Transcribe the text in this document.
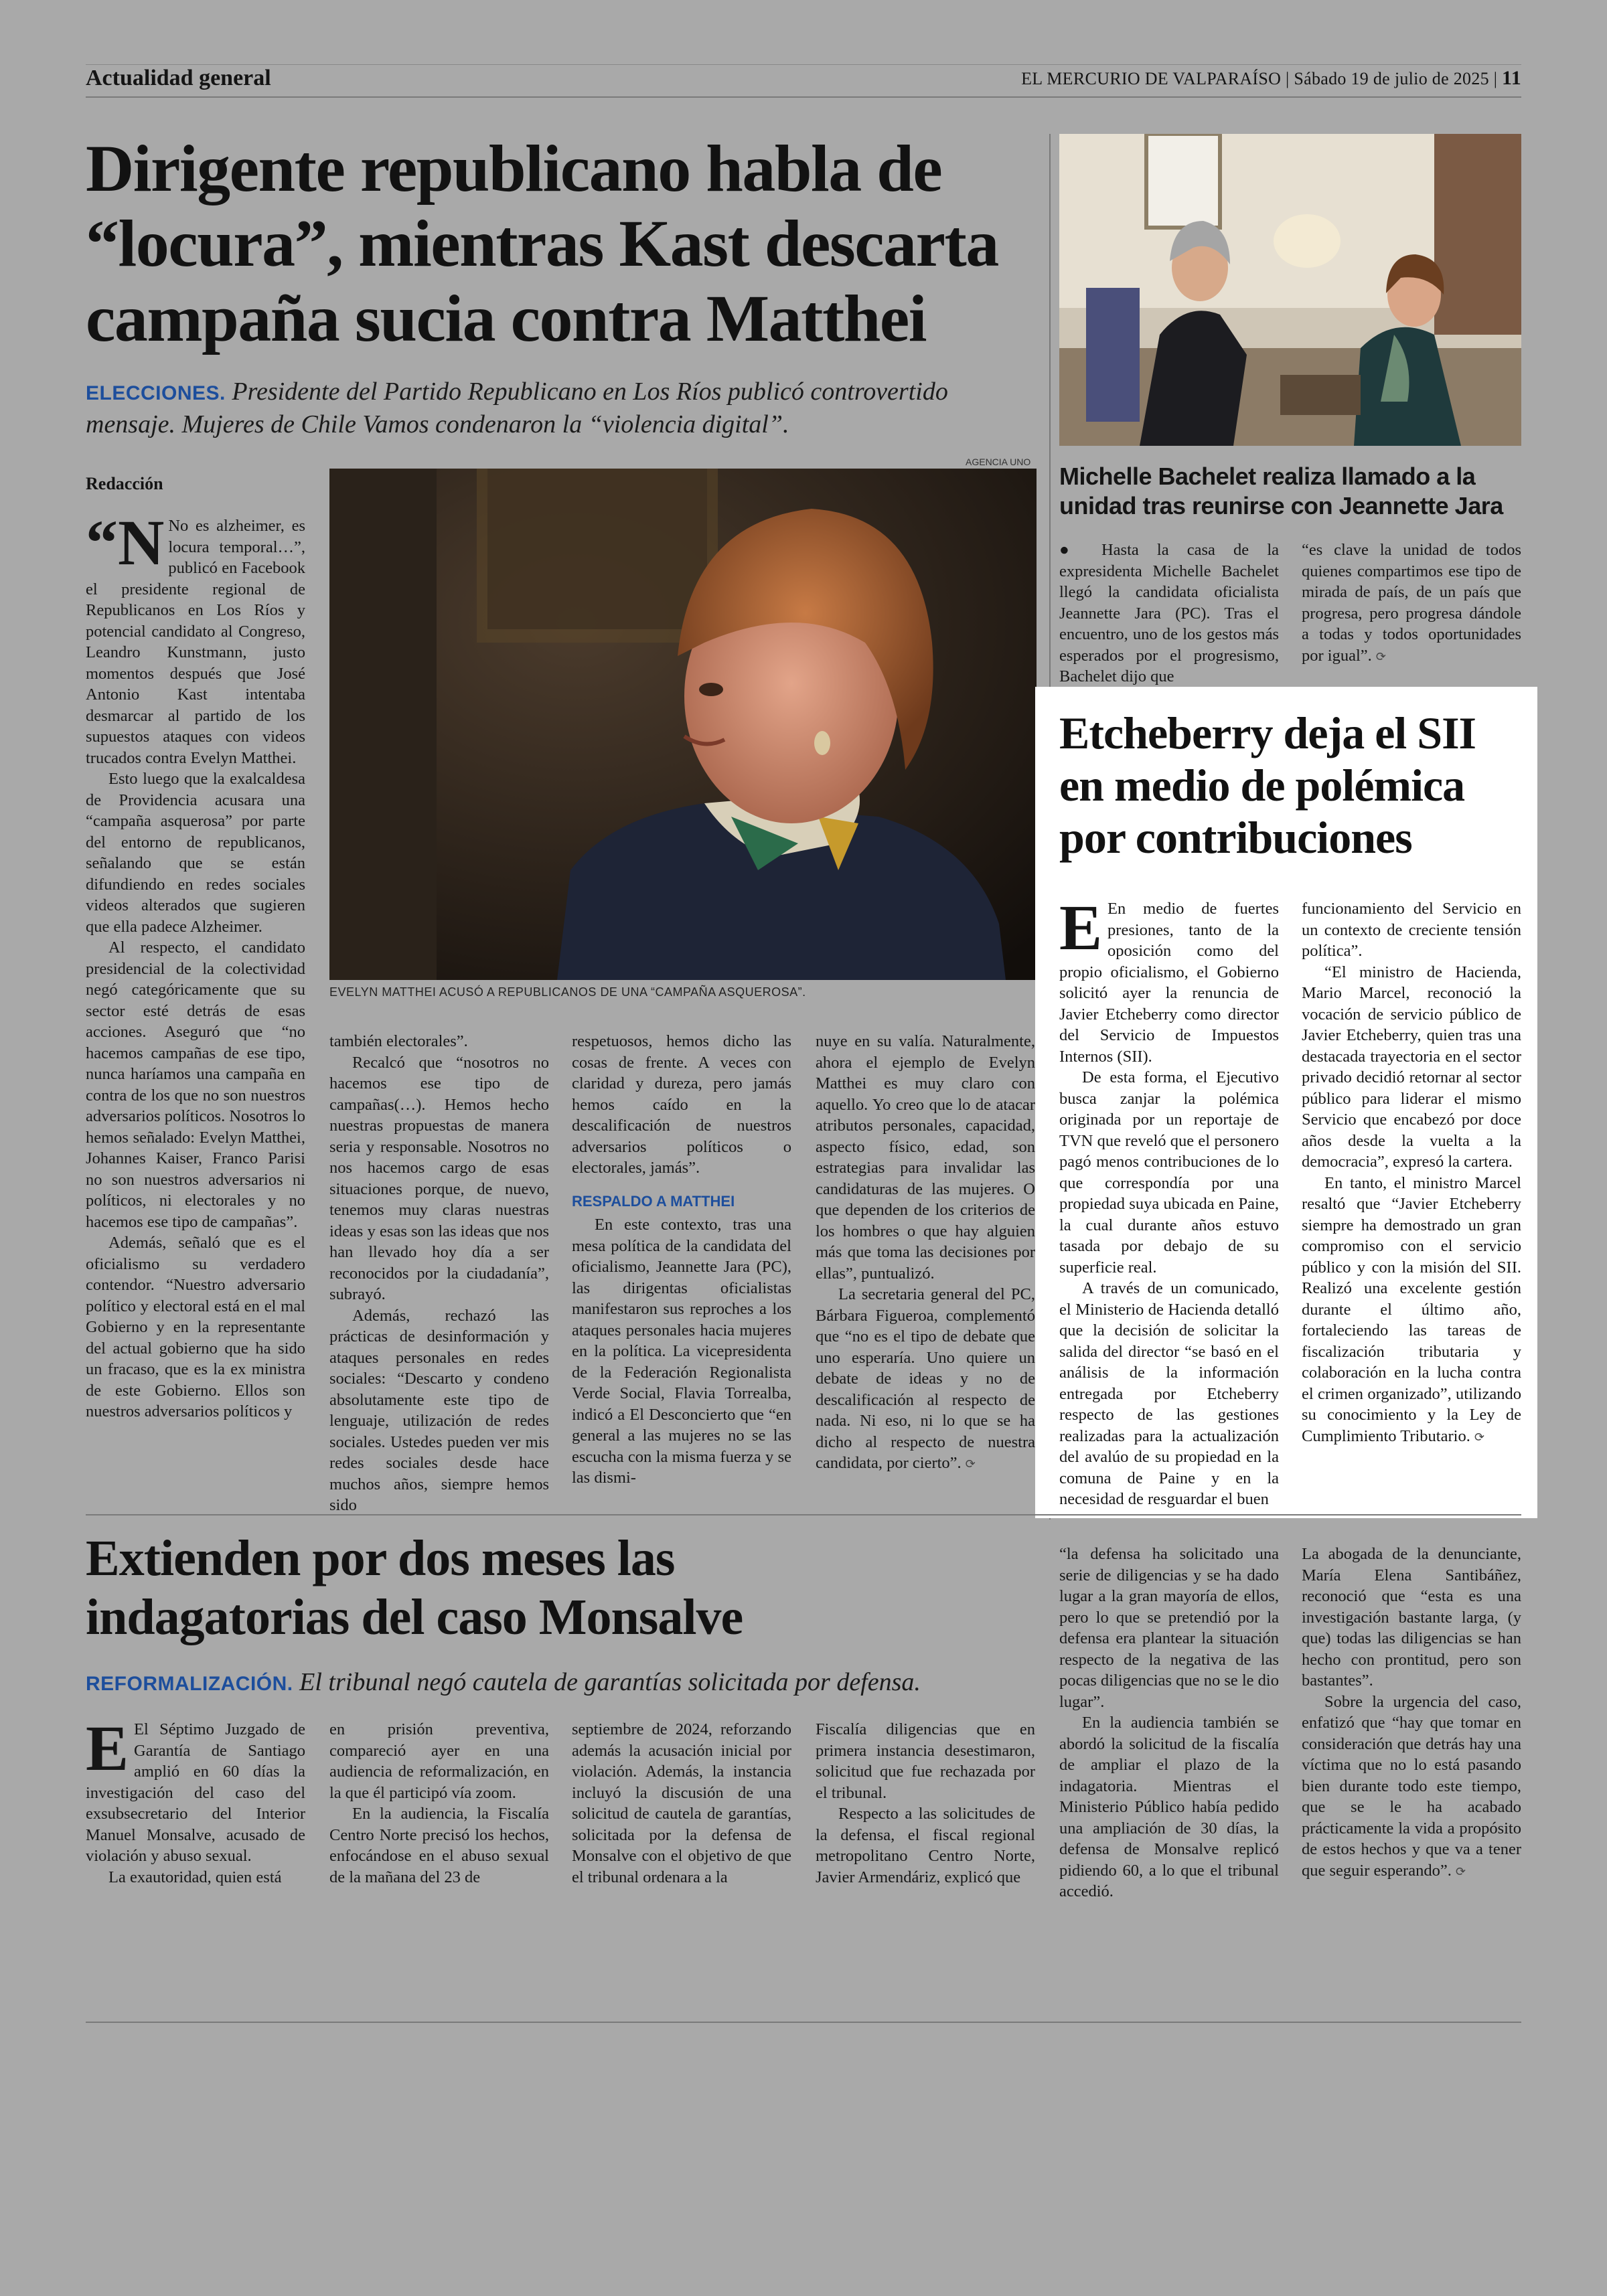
Actualidad general	EL MERCURIO DE VALPARAÍSO | Sábado 19 de julio de 2025 | 11
Dirigente republicano habla de
“locura”, mientras Kast descarta
campaña sucia contra Matthei
ELECCIONES. Presidente del Partido Republicano en Los Ríos publicó controvertido mensaje. Mujeres de Chile Vamos condenaron la “violencia digital”.
AGENCIA UNO
Redacción
EVELYN MATTHEI ACUSÓ A REPUBLICANOS DE UNA “CAMPAÑA ASQUEROSA”.

“N No es alzheimer, es locura temporal…”, publicó en Facebook el presidente regional de Republicanos en Los Ríos y potencial candidato al Congreso, Leandro Kunstmann, justo momentos después que José Antonio Kast intentaba desmarcar al partido de los supuestos ataques con videos trucados contra Evelyn Matthei.

Esto luego que la exalcaldesa de Providencia acusara una “campaña asquerosa” por parte del entorno de republicanos, señalando que se están difundiendo en redes sociales videos alterados que sugieren que ella padece Alzheimer.

Al respecto, el candidato presidencial de la colectividad negó categóricamente que su sector esté detrás de esas acciones. Aseguró que “no hacemos campañas de ese tipo, nunca haríamos una campaña en contra de los que no son nuestros adversarios políticos. Nosotros lo hemos señalado: Evelyn Matthei, Johannes Kaiser, Franco Parisi no son nuestros adversarios ni políticos, ni electorales y no hacemos ese tipo de campañas”.

Además, señaló que es el oficialismo su verdadero contendor. “Nuestro adversario político y electoral está en el mal Gobierno y en la representante del actual gobierno que ha sido un fracaso, que es la ex ministra de este Gobierno. Ellos son nuestros adversarios políticos y

también electorales”.

Recalcó que “nosotros no hacemos ese tipo de campañas(…). Hemos hecho nuestras propuestas de manera seria y responsable. Nosotros no nos hacemos cargo de esas situaciones porque, de nuevo, tenemos muy claras nuestras ideas y esas son las ideas que nos han llevado hoy día a ser reconocidos por la ciudadanía”, subrayó.

Además, rechazó las prácticas de desinformación y ataques personales en redes sociales: “Descarto y condeno absolutamente este tipo de lenguaje, utilización de redes sociales. Ustedes pueden ver mis redes sociales desde hace muchos años, siempre hemos sido

respetuosos, hemos dicho las cosas de frente. A veces con claridad y dureza, pero jamás hemos caído en la descalificación de nuestros adversarios políticos o electorales, jamás”.

RESPALDO A MATTHEI

En este contexto, tras una mesa política de la candidata del oficialismo, Jeannette Jara (PC), las dirigentas oficialistas manifestaron sus reproches a los ataques personales hacia mujeres en la política. La vicepresidenta de la Federación Regionalista Verde Social, Flavia Torrealba, indicó a El Desconcierto que “en general a las mujeres no se las escucha con la misma fuerza y se las dismi-

nuye en su valía. Naturalmente, ahora el ejemplo de Evelyn Matthei es muy claro con aquello. Yo creo que lo de atacar atributos personales, capacidad, aspecto físico, edad, son estrategias para invalidar las candidaturas de las mujeres. O que dependen de los criterios de los hombres o que hay alguien más que toma las decisiones por ellas”, puntualizó.

La secretaria general del PC, Bárbara Figueroa, complementó que “no es el tipo de debate que uno esperaría. Uno quiere un debate de ideas y no de descalificación al respecto de nada. Ni eso, ni lo que se ha dicho al respecto de nuestra candidata, por cierto”. ⟳

Michelle Bachelet realiza llamado a la unidad tras reunirse con Jeannette Jara

● Hasta la casa de la expresidenta Michelle Bachelet llegó la candidata oficialista Jeannette Jara (PC). Tras el encuentro, uno de los gestos más esperados por el progresismo, Bachelet dijo que

“es clave la unidad de todos quienes compartimos ese tipo de mirada de país, de un país que progresa, pero progresa dándole a todas y todos oportunidades por igual”. ⟳

Etcheberry deja el SII
en medio de polémica
por contribuciones

E En medio de fuertes presiones, tanto de la oposición como del propio oficialismo, el Gobierno solicitó ayer la renuncia de Javier Etcheberry como director del Servicio de Impuestos Internos (SII).

De esta forma, el Ejecutivo busca zanjar la polémica originada por un reportaje de TVN que reveló que el personero pagó menos contribuciones de lo que correspondía por una propiedad suya ubicada en Paine, la cual durante años estuvo tasada por debajo de su superficie real.

A través de un comunicado, el Ministerio de Hacienda detalló que la decisión de solicitar la salida del director “se basó en el análisis de la información entregada por Etcheberry respecto de las gestiones realizadas para la actualización del avalúo de su propiedad en la comuna de Paine y en la necesidad de resguardar el buen

funcionamiento del Servicio en un contexto de creciente tensión política”.

“El ministro de Hacienda, Mario Marcel, reconoció la vocación de servicio público de Javier Etcheberry, quien tras una destacada trayectoria en el sector privado decidió retornar al sector público para liderar el mismo Servicio que encabezó por doce años desde la vuelta a la democracia”, expresó la cartera.

En tanto, el ministro Marcel resaltó que “Javier Etcheberry siempre ha demostrado un gran compromiso con el servicio público y con la misión del SII. Realizó una excelente gestión durante el último año, fortaleciendo las tareas de fiscalización tributaria y colaboración en la lucha contra el crimen organizado”, utilizando su conocimiento y la Ley de Cumplimiento Tributario. ⟳

Extienden por dos meses las
indagatorias del caso Monsalve
REFORMALIZACIÓN. El tribunal negó cautela de garantías solicitada por defensa.

E El Séptimo Juzgado de Garantía de Santiago amplió en 60 días la investigación del caso del exsubsecretario del Interior Manuel Monsalve, acusado de violación y abuso sexual.

La exautoridad, quien está

en prisión preventiva, compareció ayer en una audiencia de reformalización, en la que él participó vía zoom.

En la audiencia, la Fiscalía Centro Norte precisó los hechos, enfocándose en el abuso sexual de la mañana del 23 de

septiembre de 2024, reforzando además la acusación inicial por violación. Además, la instancia incluyó la discusión de una solicitud de cautela de garantías, solicitada por la defensa de Monsalve con el objetivo de que el tribunal ordenara a la

Fiscalía diligencias que en primera instancia desestimaron, solicitud que fue rechazada por el tribunal.

Respecto a las solicitudes de la defensa, el fiscal regional metropolitano Centro Norte, Javier Armendáriz, explicó que

“la defensa ha solicitado una serie de diligencias y se ha dado lugar a la gran mayoría de ellos, pero lo que se pretendió por la defensa era plantear la situación respecto de la negativa de las pocas diligencias que no se le dio lugar”.

En la audiencia también se abordó la solicitud de la fiscalía de ampliar el plazo de la indagatoria. Mientras el Ministerio Público había pedido una ampliación de 30 días, la defensa de Monsalve replicó pidiendo 60, a lo que el tribunal accedió.

La abogada de la denunciante, María Elena Santibáñez, reconoció que “esta es una investigación bastante larga, (y que) todas las diligencias se han hecho con prontitud, pero son bastantes”.

Sobre la urgencia del caso, enfatizó que “hay que tomar en consideración que detrás hay una víctima que no lo está pasando bien durante todo este tiempo, que se le ha acabado prácticamente la vida a propósito de estos hechos y que va a tener que seguir esperando”. ⟳
